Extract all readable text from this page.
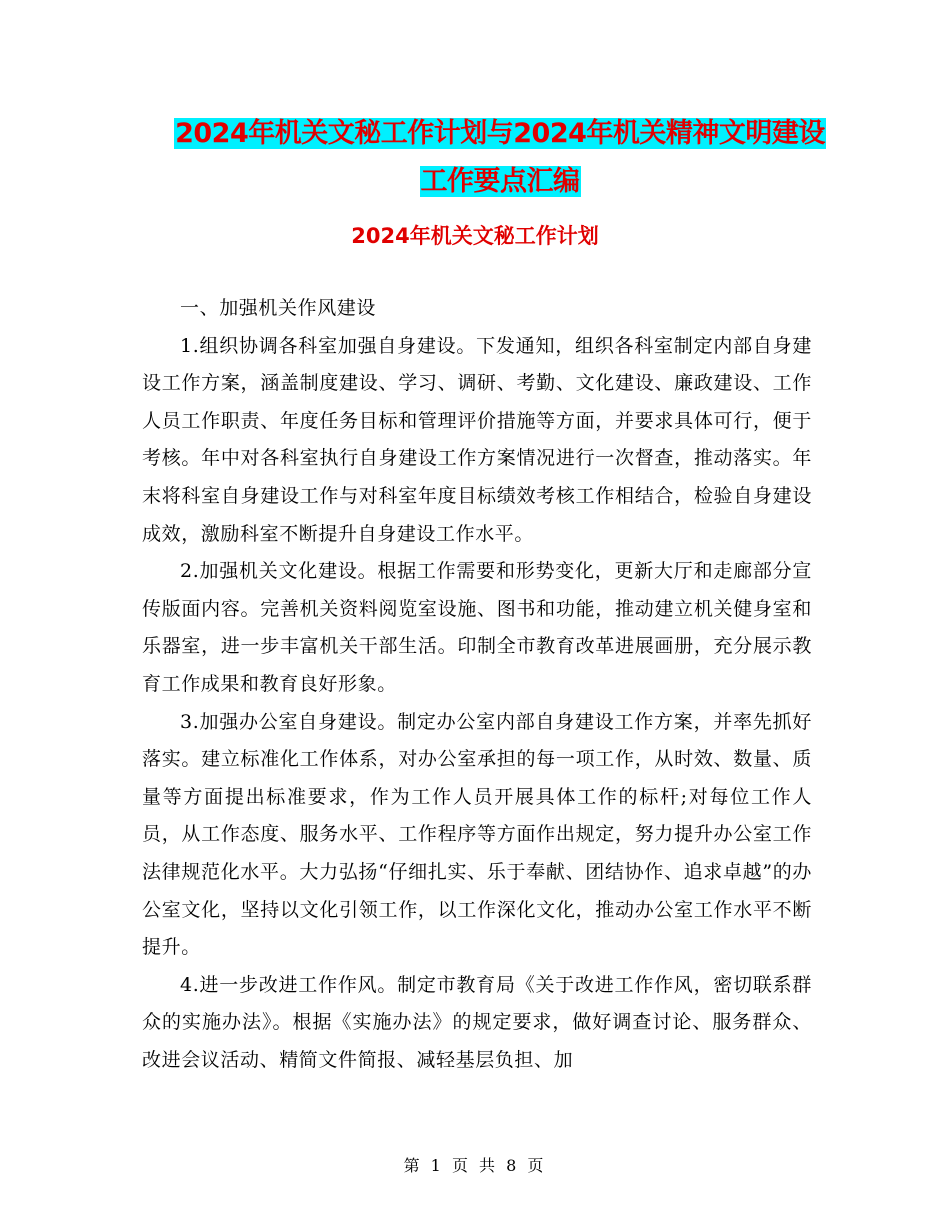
2024年机关文秘工作计划与2024年机关精神文明建设
工作要点汇编
2024年机关文秘工作计划

一、加强机关作风建设

1.组织协调各科室加强自身建设。下发通知，组织各科室制定内部自身建设工作方案，涵盖制度建设、学习、调研、考勤、文化建设、廉政建设、工作人员工作职责、年度任务目标和管理评价措施等方面，并要求具体可行，便于考核。年中对各科室执行自身建设工作方案情况进行一次督查，推动落实。年末将科室自身建设工作与对科室年度目标绩效考核工作相结合，检验自身建设成效，激励科室不断提升自身建设工作水平。

2.加强机关文化建设。根据工作需要和形势变化，更新大厅和走廊部分宣传版面内容。完善机关资料阅览室设施、图书和功能，推动建立机关健身室和乐器室，进一步丰富机关干部生活。印制全市教育改革进展画册，充分展示教育工作成果和教育良好形象。

3.加强办公室自身建设。制定办公室内部自身建设工作方案，并率先抓好落实。建立标准化工作体系，对办公室承担的每一项工作，从时效、数量、质量等方面提出标准要求，作为工作人员开展具体工作的标杆;对每位工作人员，从工作态度、服务水平、工作程序等方面作出规定，努力提升办公室工作法律规范化水平。大力弘扬“仔细扎实、乐于奉献、团结协作、追求卓越”的办公室文化，坚持以文化引领工作，以工作深化文化，推动办公室工作水平不断提升。

4.进一步改进工作作风。制定市教育局《关于改进工作作风，密切联系群众的实施办法》。根据《实施办法》的规定要求，做好调查讨论、服务群众、改进会议活动、精简文件简报、减轻基层负担、加

第 1 页 共 8 页
